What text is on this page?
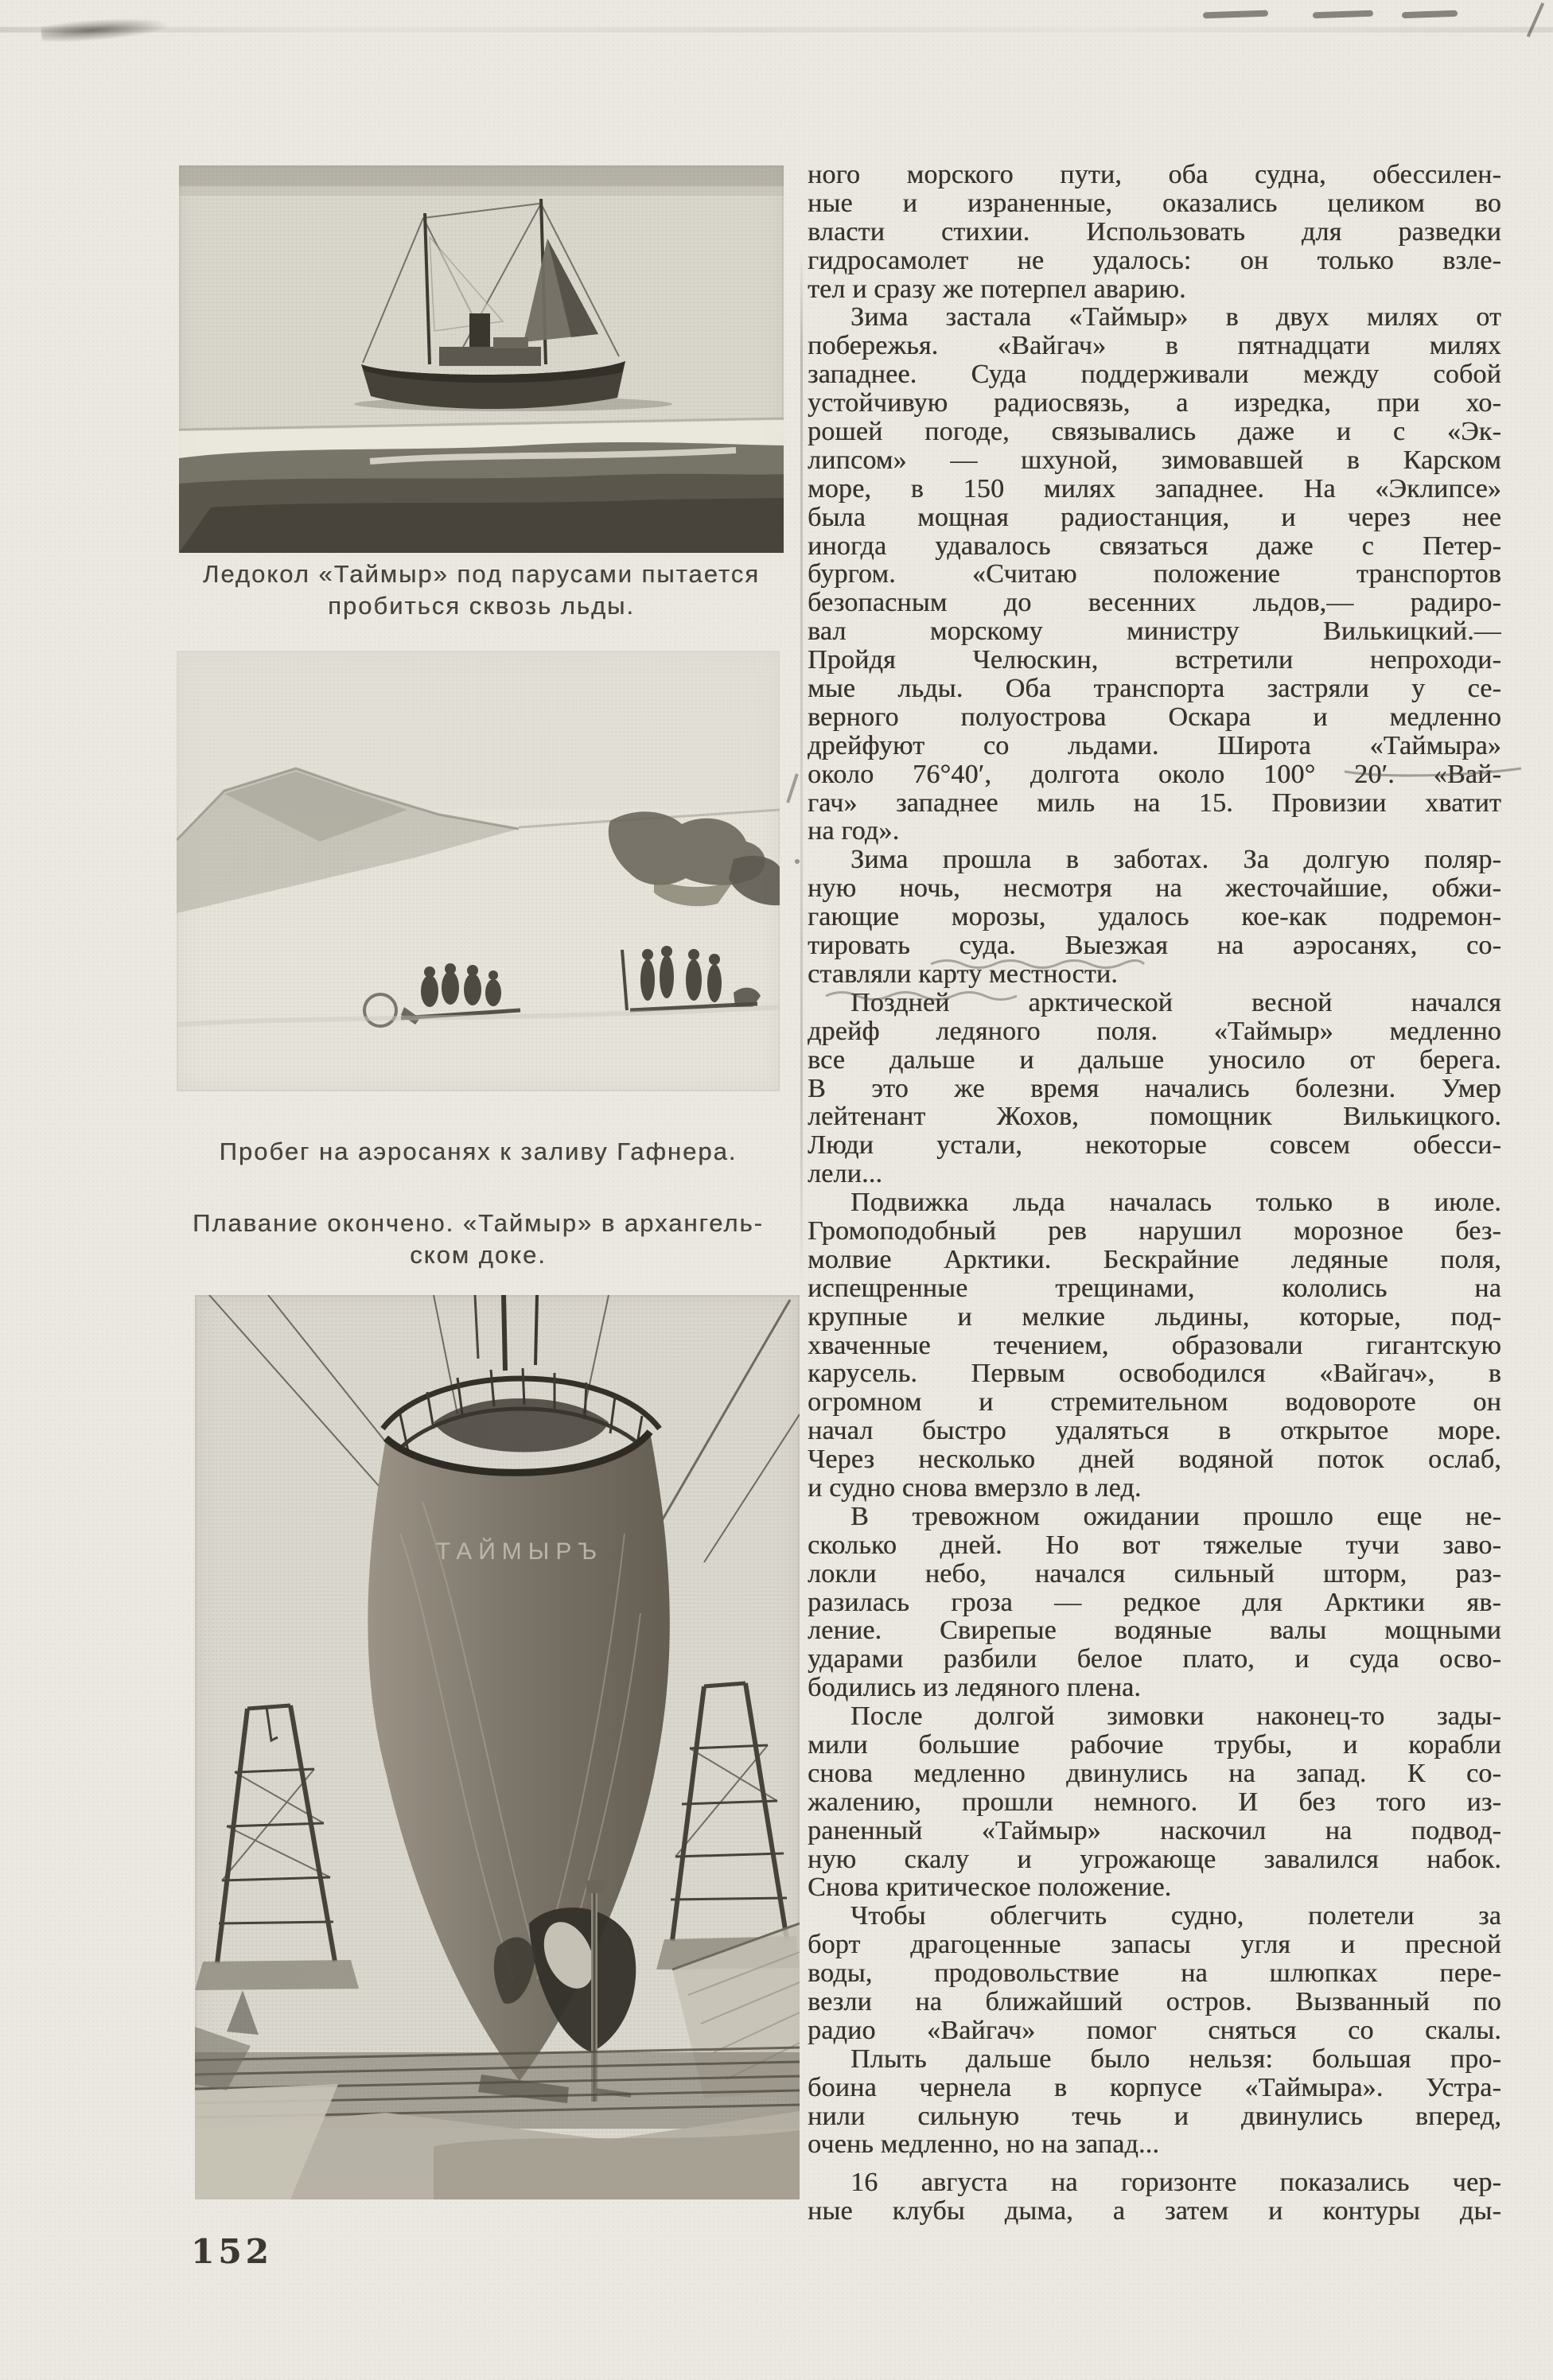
Ледокол «Таймыр» под парусами пытается
пробиться сквозь льды.
Пробег на аэросанях к заливу Гафнера.
Плавание окончено. «Таймыр» в архангель-
ском доке.
ТАЙМЫРЪ
ного морского пути, оба судна, обессилен-
ные и израненные, оказались целиком во
власти стихии. Использовать для разведки
гидросамолет не удалось: он только взле-
тел и сразу же потерпел аварию.
Зима застала «Таймыр» в двух милях от
побережья. «Вайгач» в пятнадцати милях
западнее. Суда поддерживали между собой
устойчивую радиосвязь, а изредка, при хо-
рошей погоде, связывались даже и с «Эк-
липсом» — шхуной, зимовавшей в Карском
море, в 150 милях западнее. На «Эклипсе»
была мощная радиостанция, и через нее
иногда удавалось связаться даже с Петер-
бургом. «Считаю положение транспортов
безопасным до весенних льдов,— радиро-
вал морскому министру Вилькицкий.—
Пройдя Челюскин, встретили непроходи-
мые льды. Оба транспорта застряли у се-
верного полуострова Оскара и медленно
дрейфуют со льдами. Широта «Таймыра»
около 76°40′, долгота около 100° 20′. «Вай-
гач» западнее миль на 15. Провизии хватит
на год».
Зима прошла в заботах. За долгую поляр-
ную ночь, несмотря на жесточайшие, обжи-
гающие морозы, удалось кое-как подремон-
тировать суда. Выезжая на аэросанях, со-
ставляли карту местности.
Поздней арктической весной начался
дрейф ледяного поля. «Таймыр» медленно
все дальше и дальше уносило от берега.
В это же время начались болезни. Умер
лейтенант Жохов, помощник Вилькицкого.
Люди устали, некоторые совсем обесси-
лели...
Подвижка льда началась только в июле.
Громоподобный рев нарушил морозное без-
молвие Арктики. Бескрайние ледяные поля,
испещренные трещинами, кололись на
крупные и мелкие льдины, которые, под-
хваченные течением, образовали гигантскую
карусель. Первым освободился «Вайгач», в
огромном и стремительном водовороте он
начал быстро удаляться в открытое море.
Через несколько дней водяной поток ослаб,
и судно снова вмерзло в лед.
В тревожном ожидании прошло еще не-
сколько дней. Но вот тяжелые тучи заво-
локли небо, начался сильный шторм, раз-
разилась гроза — редкое для Арктики яв-
ление. Свирепые водяные валы мощными
ударами разбили белое плато, и суда осво-
бодились из ледяного плена.
После долгой зимовки наконец-то зады-
мили большие рабочие трубы, и корабли
снова медленно двинулись на запад. К со-
жалению, прошли немного. И без того из-
раненный «Таймыр» наскочил на подвод-
ную скалу и угрожающе завалился набок.
Снова критическое положение.
Чтобы облегчить судно, полетели за
борт драгоценные запасы угля и пресной
воды, продовольствие на шлюпках пере-
везли на ближайший остров. Вызванный по
радио «Вайгач» помог сняться со скалы.
Плыть дальше было нельзя: большая про-
боина чернела в корпусе «Таймыра». Устра-
нили сильную течь и двинулись вперед,
очень медленно, но на запад...
16 августа на горизонте показались чер-
ные клубы дыма, а затем и контуры ды-
152
